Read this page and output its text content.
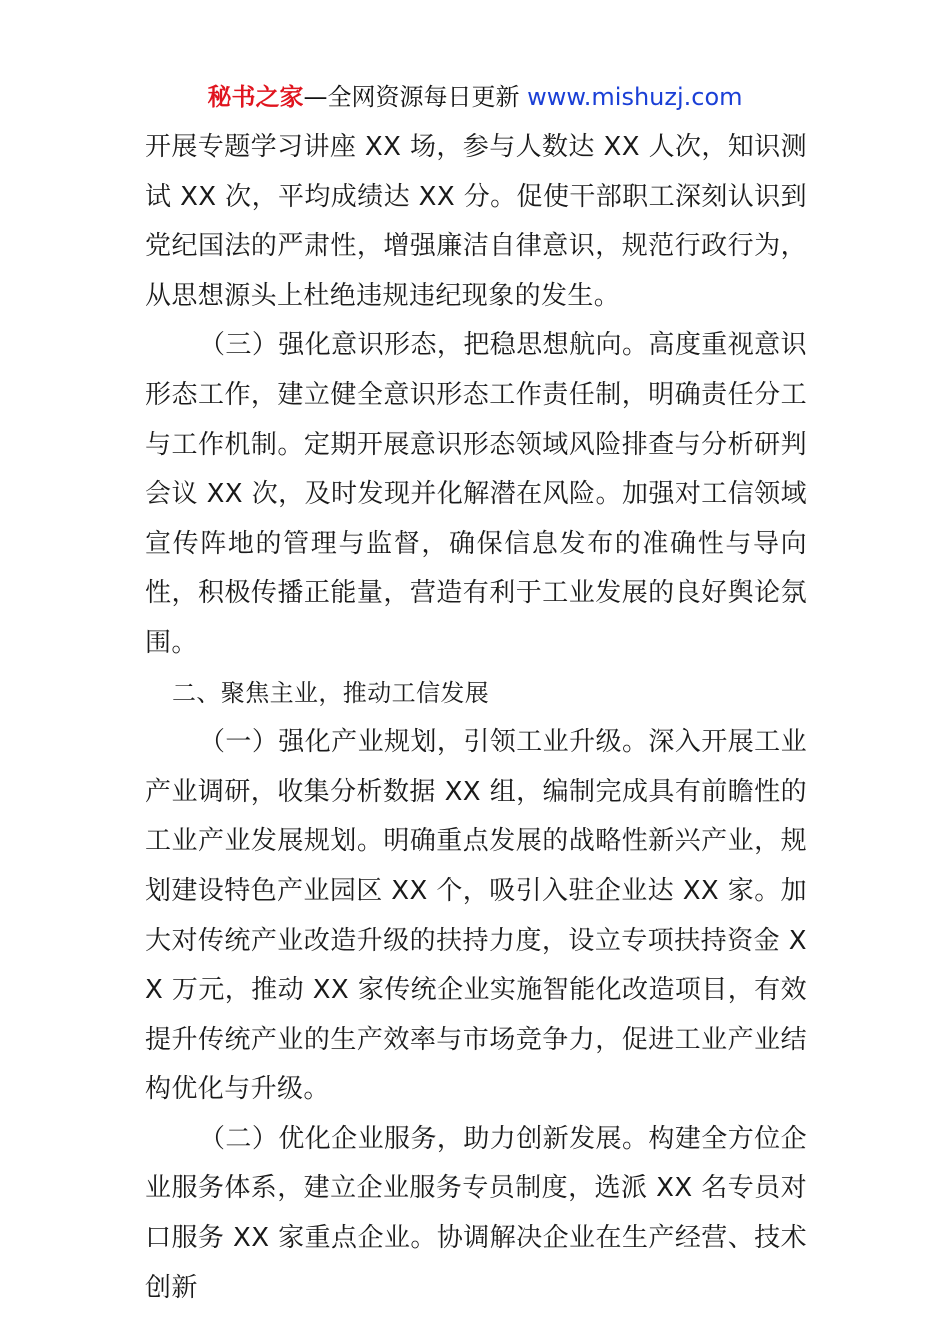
秘书之家—全网资源每日更新 www.mishuzj.com

开展专题学习讲座 XX 场，参与人数达 XX 人次，知识测试 XX 次，平均成绩达 XX 分。促使干部职工深刻认识到党纪国法的严肃性，增强廉洁自律意识，规范行政行为，从思想源头上杜绝违规违纪现象的发生。

（三）强化意识形态，把稳思想航向。高度重视意识形态工作，建立健全意识形态工作责任制，明确责任分工与工作机制。定期开展意识形态领域风险排查与分析研判会议 XX 次，及时发现并化解潜在风险。加强对工信领域宣传阵地的管理与监督，确保信息发布的准确性与导向性，积极传播正能量，营造有利于工业发展的良好舆论氛围。

二、聚焦主业，推动工信发展

（一）强化产业规划，引领工业升级。深入开展工业产业调研，收集分析数据 XX 组，编制完成具有前瞻性的工业产业发展规划。明确重点发展的战略性新兴产业，规划建设特色产业园区 XX 个，吸引入驻企业达 XX 家。加大对传统产业改造升级的扶持力度，设立专项扶持资金 XX 万元，推动 XX 家传统企业实施智能化改造项目，有效提升传统产业的生产效率与市场竞争力，促进工业产业结构优化与升级。

（二）优化企业服务，助力创新发展。构建全方位企业服务体系，建立企业服务专员制度，选派 XX 名专员对口服务 XX 家重点企业。协调解决企业在生产经营、技术创新
